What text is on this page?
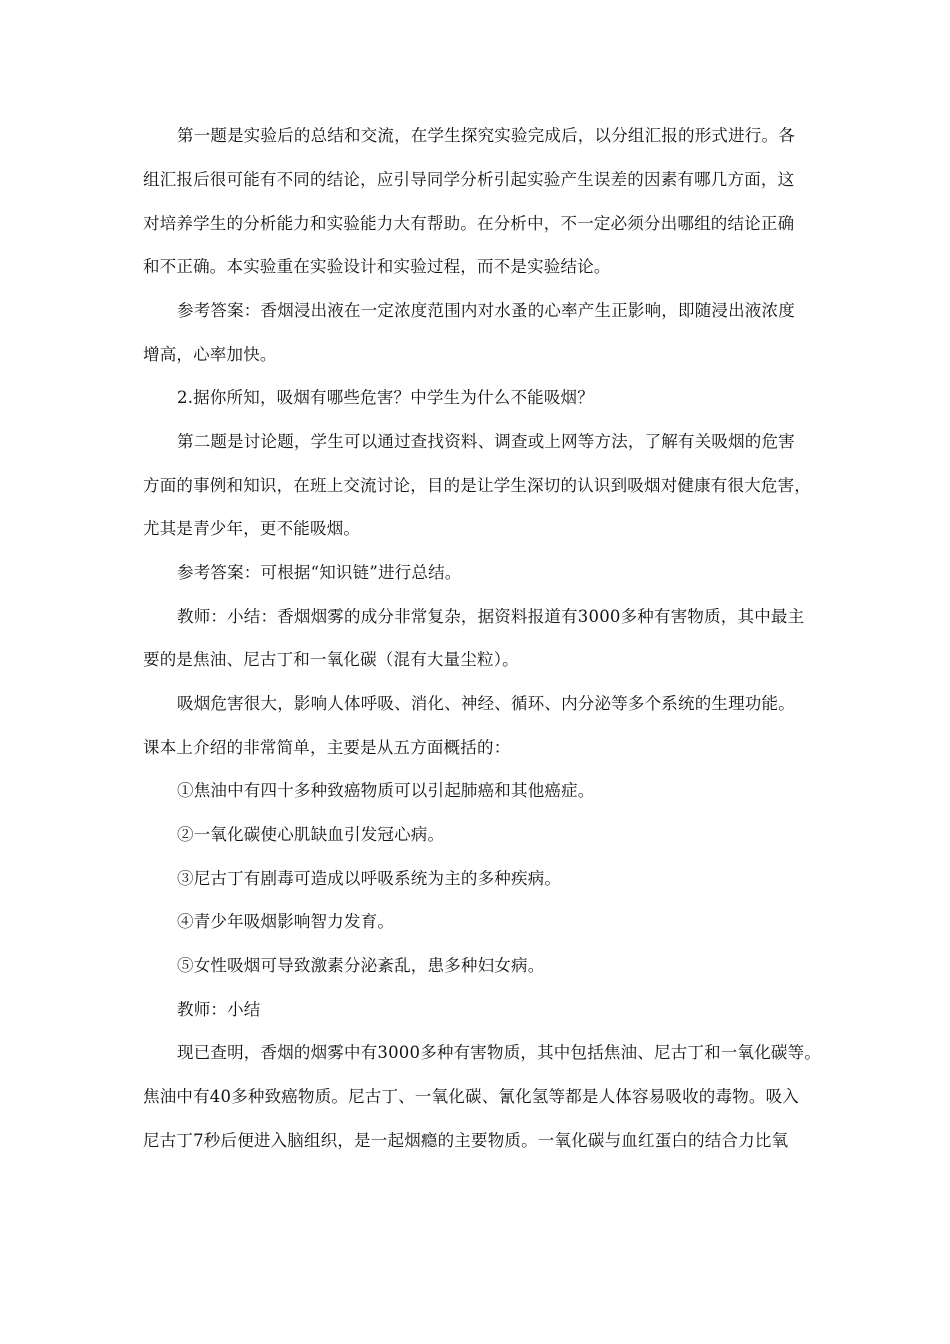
第一题是实验后的总结和交流，在学生探究实验完成后，以分组汇报的形式进行。各
组汇报后很可能有不同的结论，应引导同学分析引起实验产生误差的因素有哪几方面，这
对培养学生的分析能力和实验能力大有帮助。在分析中，不一定必须分出哪组的结论正确
和不正确。本实验重在实验设计和实验过程，而不是实验结论。
参考答案：香烟浸出液在一定浓度范围内对水蚤的心率产生正影响，即随浸出液浓度
增高，心率加快。
2.据你所知，吸烟有哪些危害？中学生为什么不能吸烟？
第二题是讨论题，学生可以通过查找资料、调查或上网等方法，了解有关吸烟的危害
方面的事例和知识，在班上交流讨论，目的是让学生深切的认识到吸烟对健康有很大危害，
尤其是青少年，更不能吸烟。
参考答案：可根据“知识链”进行总结。
教师：小结：香烟烟雾的成分非常复杂，据资料报道有3000多种有害物质，其中最主
要的是焦油、尼古丁和一氧化碳（混有大量尘粒）。
吸烟危害很大，影响人体呼吸、消化、神经、循环、内分泌等多个系统的生理功能。
课本上介绍的非常简单，主要是从五方面概括的：
①焦油中有四十多种致癌物质可以引起肺癌和其他癌症。
②一氧化碳使心肌缺血引发冠心病。
③尼古丁有剧毒可造成以呼吸系统为主的多种疾病。
④青少年吸烟影响智力发育。
⑤女性吸烟可导致激素分泌紊乱，患多种妇女病。
教师：小结
现已查明，香烟的烟雾中有3000多种有害物质，其中包括焦油、尼古丁和一氧化碳等。
焦油中有40多种致癌物质。尼古丁、一氧化碳、氰化氢等都是人体容易吸收的毒物。吸入
尼古丁7秒后便进入脑组织，是一起烟瘾的主要物质。一氧化碳与血红蛋白的结合力比氧
